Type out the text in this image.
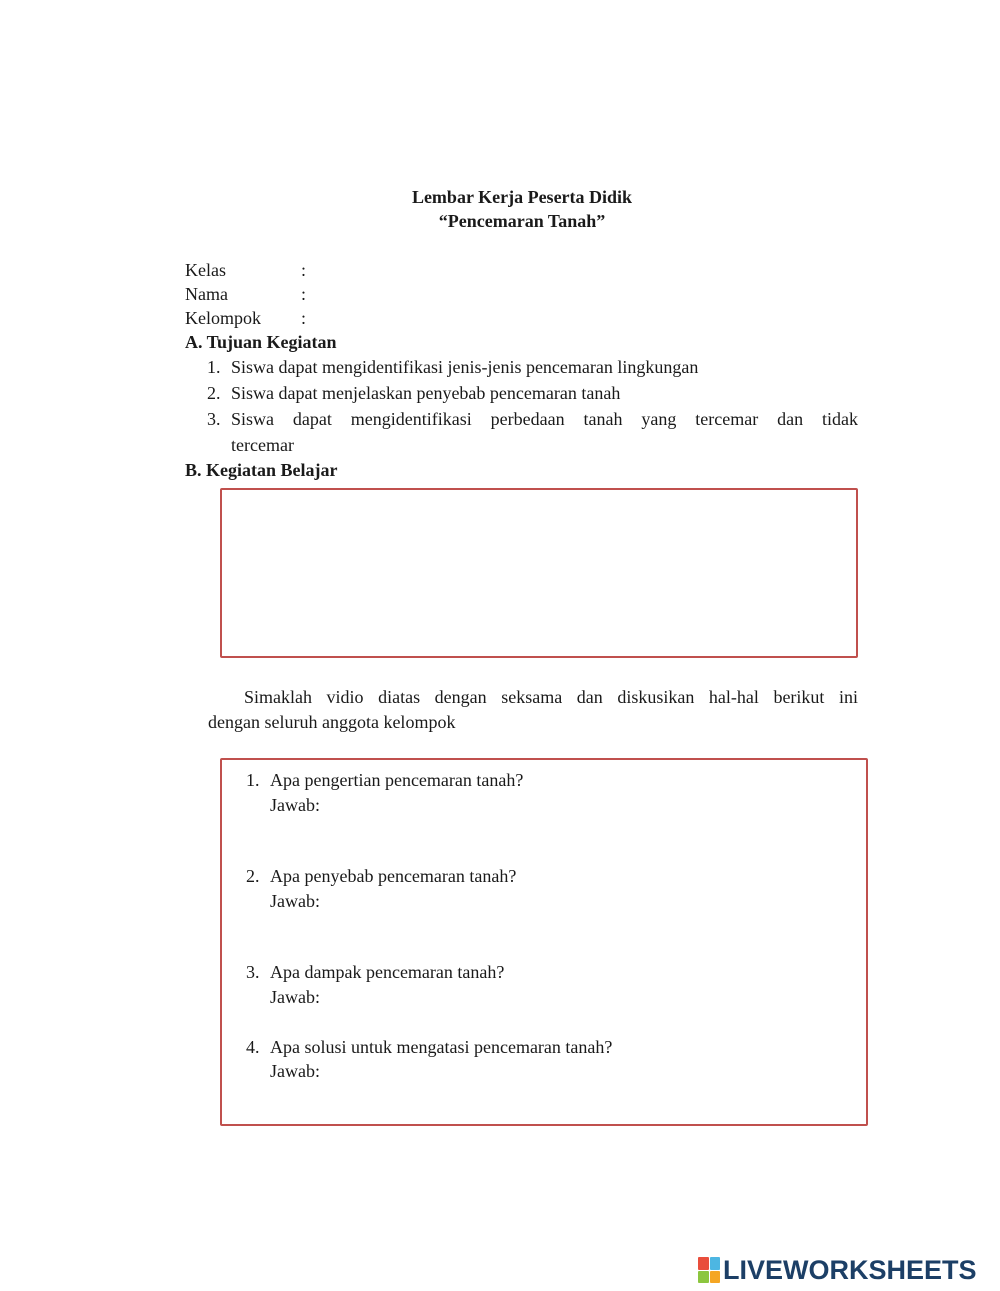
Lembar Kerja Peserta Didik
“Pencemaran Tanah”
Kelas	:
Nama	:
Kelompok :
A. Tujuan Kegiatan
1. Siswa dapat mengidentifikasi jenis-jenis pencemaran lingkungan
2. Siswa dapat menjelaskan penyebab pencemaran tanah
3. Siswa dapat mengidentifikasi perbedaan tanah yang tercemar dan tidak
tercemar
B. Kegiatan Belajar
Simaklah vidio diatas dengan seksama dan diskusikan hal-hal berikut ini
dengan seluruh anggota kelompok
1. Apa pengertian pencemaran tanah?
Jawab:
2. Apa penyebab pencemaran tanah?
Jawab:
3. Apa dampak pencemaran tanah?
Jawab:
4. Apa solusi untuk mengatasi pencemaran tanah?
Jawab:
LIVEWORKSHEETS
